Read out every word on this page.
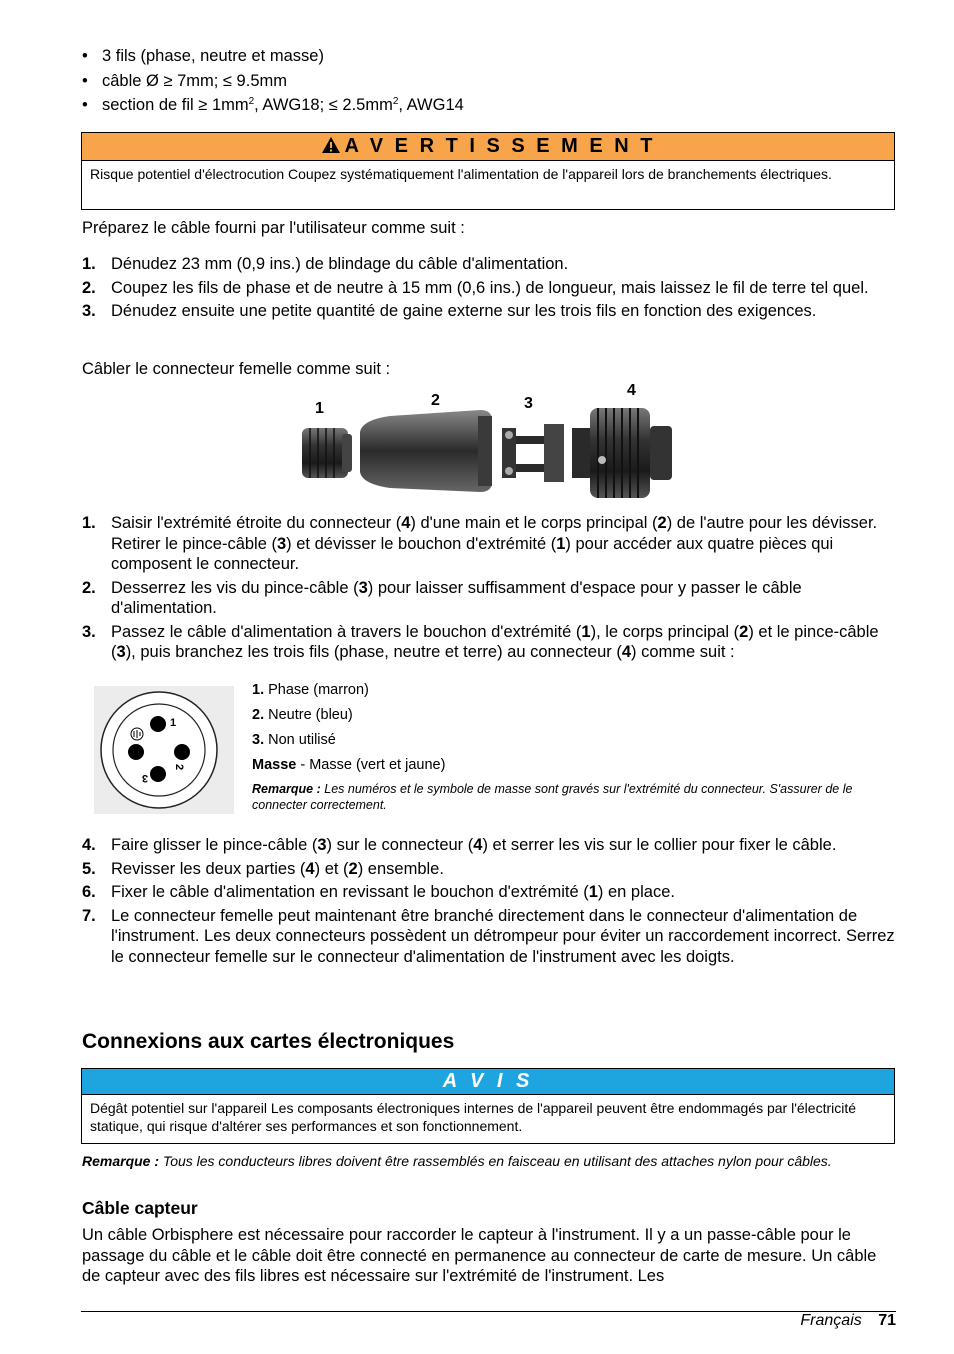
• 3 fils (phase, neutre et masse)
• câble Ø ≥ 7mm; ≤ 9.5mm
• section de fil ≥ $1mm^2$, AWG18; ≤ $2.5mm^2$, AWG14
A V E R T I S S E M E N T
Risque potentiel d'électrocution Coupez systématiquement l'alimentation de l'appareil lors de branchements électriques.
Préparez le câble fourni par l'utilisateur comme suit :
1. Dénudez 23 mm (0,9 ins.) de blindage du câble d'alimentation.
2. Coupez les fils de phase et de neutre à 15 mm (0,6 ins.) de longueur, mais laissez le fil de terre tel quel.
3. Dénudez ensuite une petite quantité de gaine externe sur les trois fils en fonction des exigences.
Câbler le connecteur femelle comme suit :
1	2	3
4
1. Saisir l'extrémité étroite du connecteur (4) d'une main et le corps principal (2) de l'autre pour les dévisser. Retirer le pince-câble (3) et dévisser le bouchon d'extrémité (1) pour accéder aux quatre pièces qui composent le connecteur.
2. Desserrez les vis du pince-câble (3) pour laisser suffisamment d'espace pour y passer le câble d'alimentation.
3. Passez le câble d'alimentation à travers le bouchon d'extrémité (1), le corps principal (2) et le pince-câble (3), puis branchez les trois fils (phase, neutre et terre) au connecteur (4) comme suit :
1
2
3
1. Phase (marron)
2. Neutre (bleu)
3. Non utilisé
Masse - Masse (vert et jaune)
Remarque : Les numéros et le symbole de masse sont gravés sur l'extrémité du connecteur. S'assurer de le connecter correctement.
4. Faire glisser le pince-câble (3) sur le connecteur (4) et serrer les vis sur le collier pour fixer le câble.
5. Revisser les deux parties (4) et (2) ensemble.
6. Fixer le câble d'alimentation en revissant le bouchon d'extrémité (1) en place.
7. Le connecteur femelle peut maintenant être branché directement dans le connecteur d'alimentation de l'instrument. Les deux connecteurs possèdent un détrompeur pour éviter un raccordement incorrect. Serrez le connecteur femelle sur le connecteur d'alimentation de l'instrument avec les doigts.
Connexions aux cartes électroniques
A V I S
Dégât potentiel sur l'appareil Les composants électroniques internes de l'appareil peuvent être endommagés par l'électricité statique, qui risque d'altérer ses performances et son fonctionnement.
Remarque : Tous les conducteurs libres doivent être rassemblés en faisceau en utilisant des attaches nylon pour câbles.
Câble capteur
Un câble Orbisphere est nécessaire pour raccorder le capteur à l'instrument. Il y a un passe-câble pour le passage du câble et le câble doit être connecté en permanence au connecteur de carte de mesure. Un câble de capteur avec des fils libres est nécessaire sur l'extrémité de l'instrument. Les
Français 71
